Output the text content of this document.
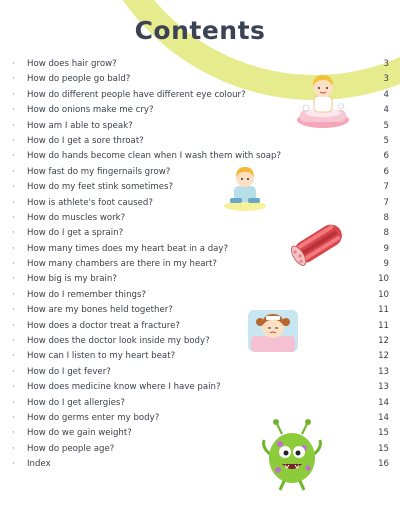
Contents
· How does hair grow?	3
· How do people go bald?	3
· How do different people have different eye colour?	4
· How do onions make me cry?	4
· How am I able to speak?	5
· How do I get a sore throat?	5
· How do hands become clean when I wash them with soap?	6
· How fast do my fingernails grow?	6
· How do my feet stink sometimes?	7
· How is athlete's foot caused?	7
· How do muscles work?	8
· How do I get a sprain?	8
· How many times does my heart beat in a day?	9
· How many chambers are there in my heart?	9
· How big is my brain?	10
· How do I remember things?	10
· How are my bones held together?	11
· How does a doctor treat a fracture?	11
· How does the doctor look inside my body?	12
· How can I listen to my heart beat?	12
· How do I get fever?	13
· How does medicine know where I have pain?	13
· How do I get allergies?	14
· How do germs enter my body?	14
· How do we gain weight?	15
· How do people age?	15
· Index	16
